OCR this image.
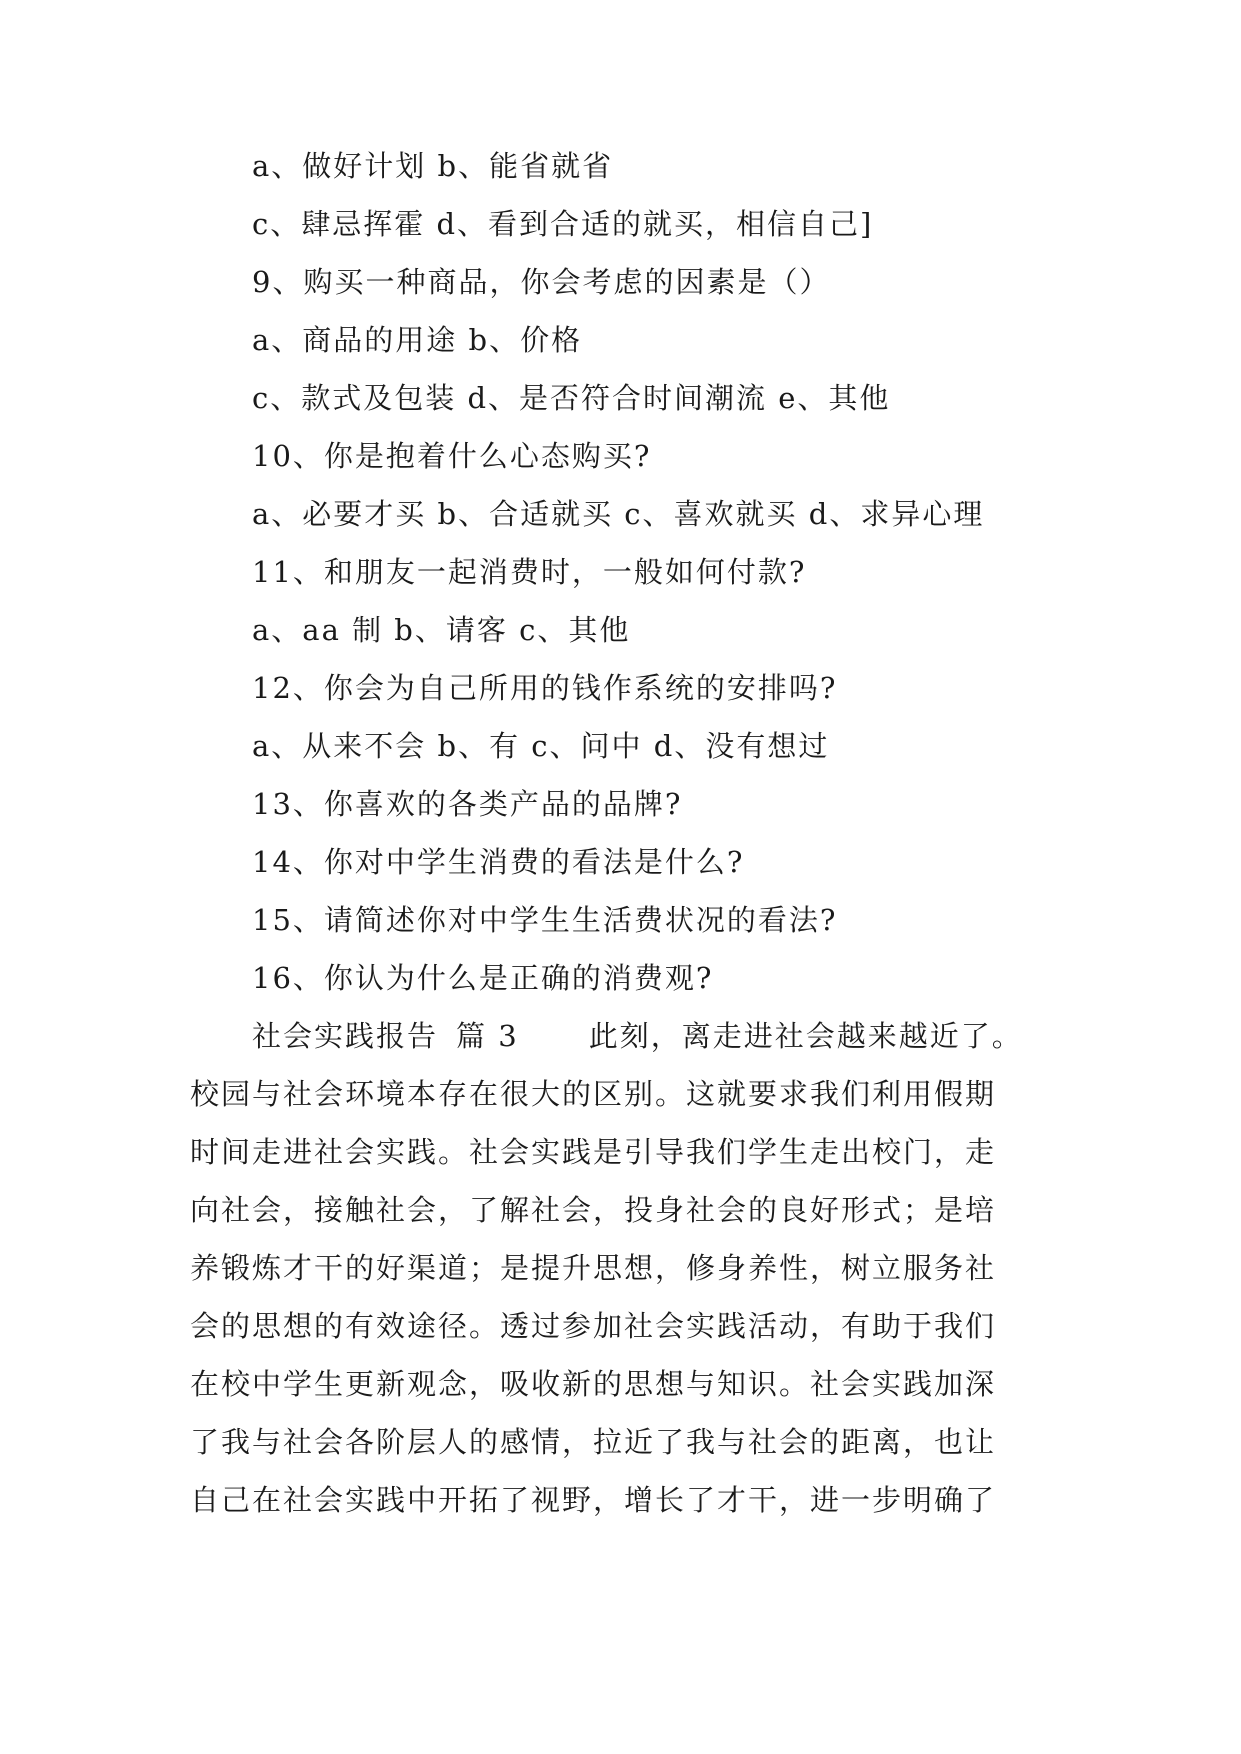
a、做好计划 b、能省就省
c、肆忌挥霍 d、看到合适的就买，相信自己]
9、购买一种商品，你会考虑的因素是（）
a、商品的用途 b、价格
c、款式及包装 d、是否符合时间潮流 e、其他
10、你是抱着什么心态购买?
a、必要才买 b、合适就买 c、喜欢就买 d、求异心理
11、和朋友一起消费时，一般如何付款?
a、aa 制 b、请客 c、其他
12、你会为自己所用的钱作系统的安排吗?
a、从来不会 b、有 c、问中 d、没有想过
13、你喜欢的各类产品的品牌?
14、你对中学生消费的看法是什么?
15、请简述你对中学生生活费状况的看法?
16、你认为什么是正确的消费观?
社会实践报告 篇 3 此刻，离走进社会越来越近了。
校园与社会环境本存在很大的区别。这就要求我们利用假期
时间走进社会实践。社会实践是引导我们学生走出校门，走
向社会，接触社会，了解社会，投身社会的良好形式；是培
养锻炼才干的好渠道；是提升思想，修身养性，树立服务社
会的思想的有效途径。透过参加社会实践活动，有助于我们
在校中学生更新观念，吸收新的思想与知识。社会实践加深
了我与社会各阶层人的感情，拉近了我与社会的距离，也让
自己在社会实践中开拓了视野，增长了才干，进一步明确了
